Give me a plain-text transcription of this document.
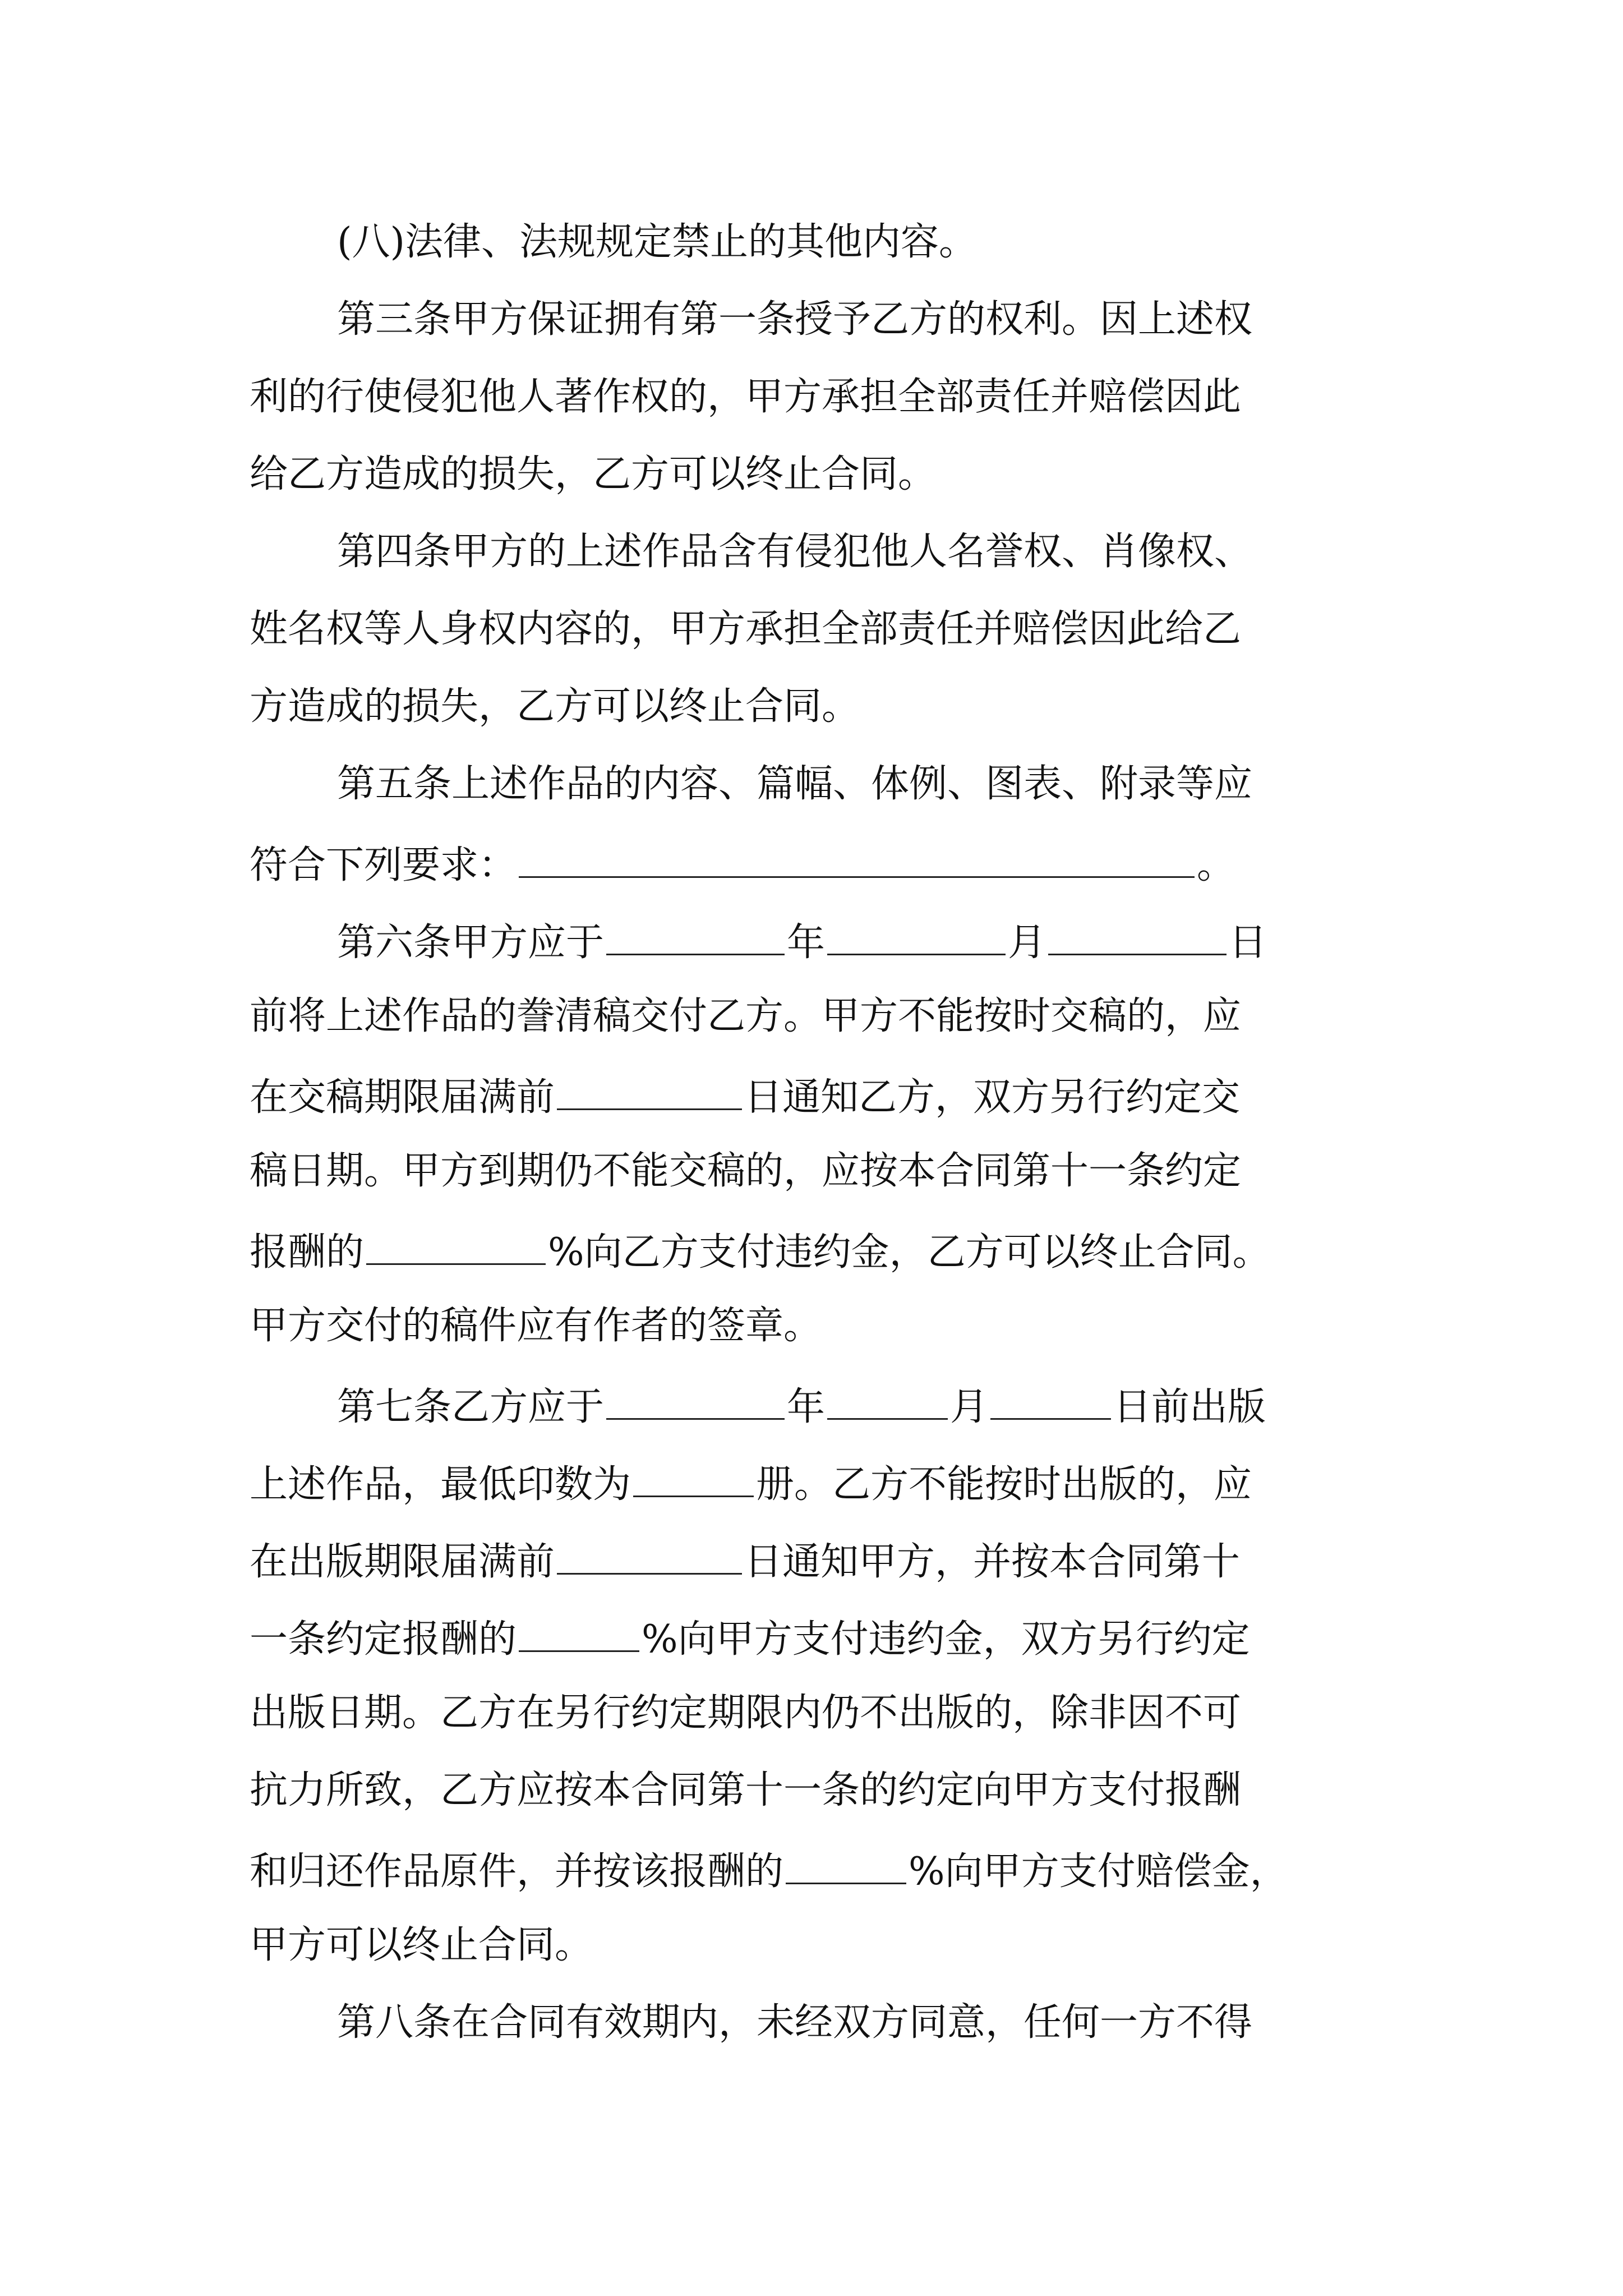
(八)法律、法规规定禁止的其他内容。
第三条甲方保证拥有第一条授予乙方的权利。因上述权
利的行使侵犯他人著作权的，甲方承担全部责任并赔偿因此
给乙方造成的损失，乙方可以终止合同。
第四条甲方的上述作品含有侵犯他人名誉权、肖像权、
姓名权等人身权内容的，甲方承担全部责任并赔偿因此给乙
方造成的损失，乙方可以终止合同。
第五条上述作品的内容、篇幅、体例、图表、附录等应
符合下列要求：	。
第六条甲方应于	年	月	日
前将上述作品的誊清稿交付乙方。甲方不能按时交稿的，应
在交稿期限届满前	日通知乙方，双方另行约定交
稿日期。甲方到期仍不能交稿的，应按本合同第十一条约定
报酬的	%向乙方支付违约金，乙方可以终止合同。
甲方交付的稿件应有作者的签章。
第七条乙方应于	年	月	日前出版
上述作品，最低印数为	册。乙方不能按时出版的，应
在出版期限届满前	日通知甲方，并按本合同第十
一条约定报酬的	%向甲方支付违约金，双方另行约定
出版日期。乙方在另行约定期限内仍不出版的，除非因不可
抗力所致，乙方应按本合同第十一条的约定向甲方支付报酬
和归还作品原件，并按该报酬的	%向甲方支付赔偿金，
甲方可以终止合同。
第八条在合同有效期内，未经双方同意，任何一方不得
